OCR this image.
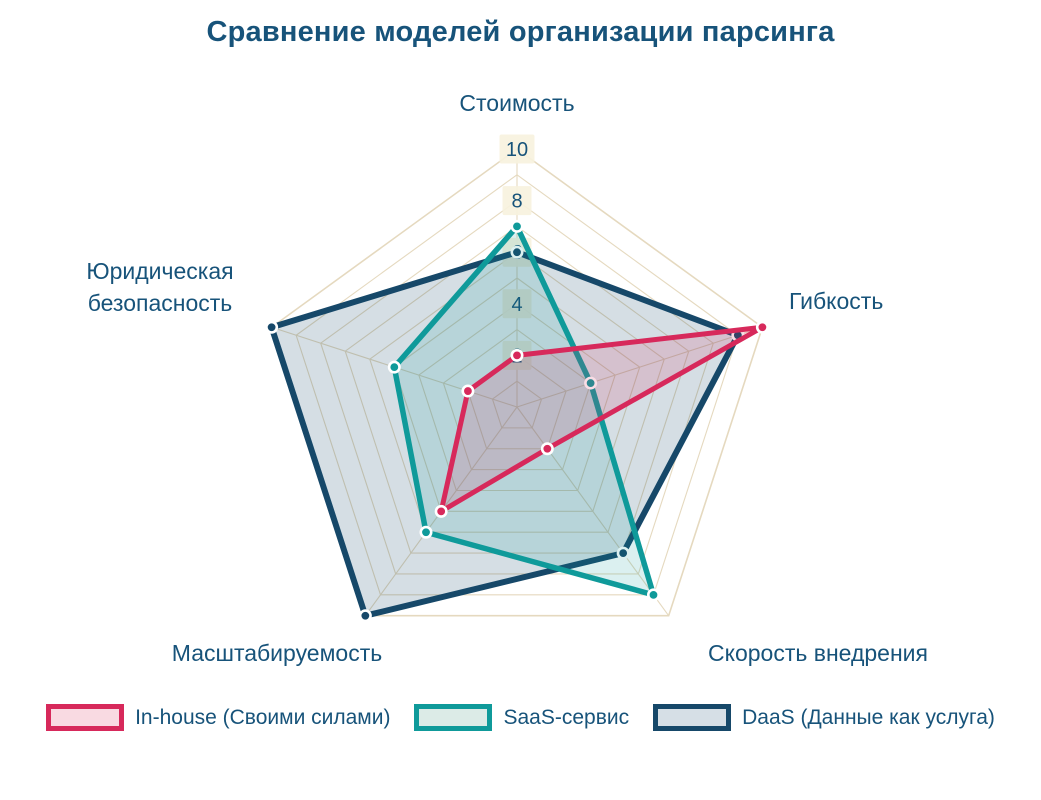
Сравнение моделей организации парсинга
4
8
10
Стоимость
Гибкость
Скорость внедрения
Масштабируемость
Юридическая безопасность
In-house (Своими силами)	SaaS-сервис	DaaS (Данные как услуга)
